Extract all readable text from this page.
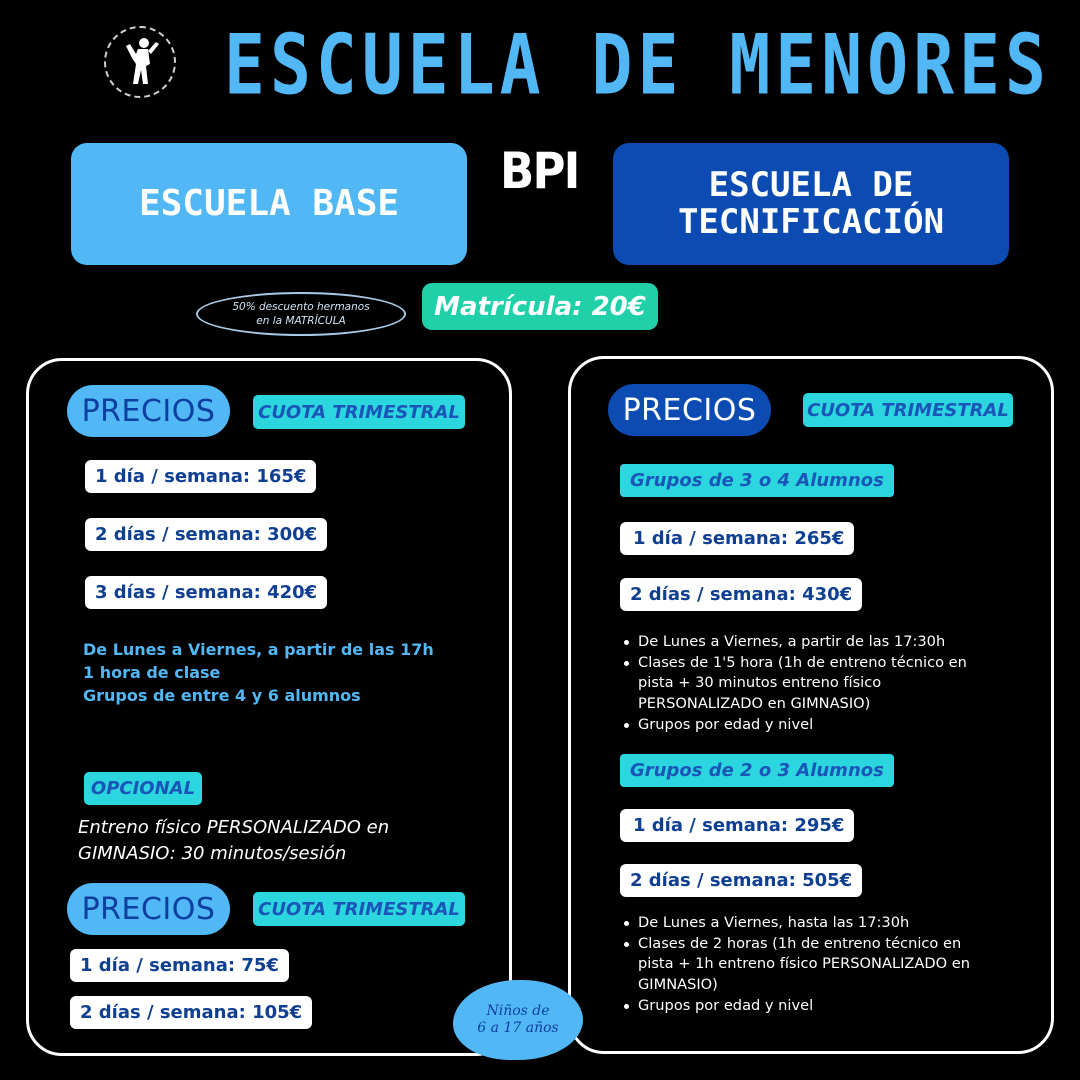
ESCUELA DE MENORES
BPI
ESCUELA BASE	ESCUELA DE
TECNIFICACIÓN
50% descuento hermanos
en la MATRÍCULA	Matrícula: 20€
PRECIOS	CUOTA TRIMESTRAL
1 día / semana: 165€
2 días / semana: 300€
3 días / semana: 420€
De Lunes a Viernes, a partir de las 17h
1 hora de clase
Grupos de entre 4 y 6 alumnos
OPCIONAL
Entreno físico PERSONALIZADO en
GIMNASIO: 30 minutos/sesión
PRECIOS	CUOTA TRIMESTRAL
1 día / semana: 75€
2 días / semana: 105€
PRECIOS	CUOTA TRIMESTRAL
Grupos de 3 o 4 Alumnos
1 día / semana: 265€
2 días / semana: 430€
De Lunes a Viernes, a partir de las 17:30h
Clases de 1'5 hora (1h de entreno técnico en pista + 30 minutos entreno físico PERSONALIZADO en GIMNASIO)
Grupos por edad y nivel
Grupos de 2 o 3 Alumnos
1 día / semana: 295€
2 días / semana: 505€
De Lunes a Viernes, hasta las 17:30h
Clases de 2 horas (1h de entreno técnico en pista + 1h entreno físico PERSONALIZADO en GIMNASIO)
Grupos por edad y nivel
Niños de
6 a 17 años
